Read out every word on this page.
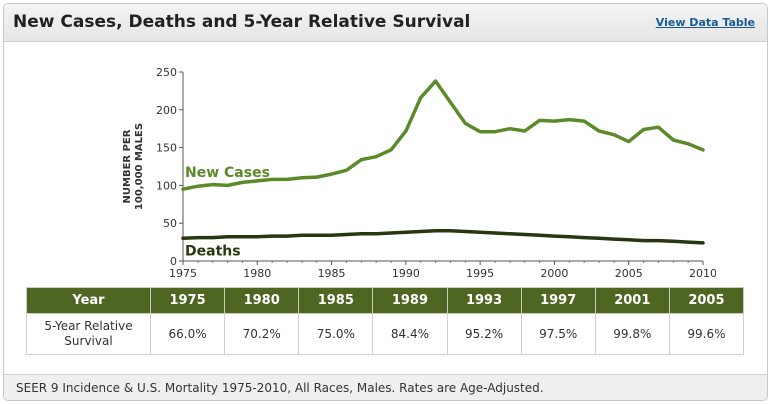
New Cases, Deaths and 5-Year Relative Survival	View Data Table
0
50
100
150
200
250
1975	1980	1985	1990	1995	2000	2005	2010
NUMBER PER100,000 MALES	New Cases
Deaths
Year	1975	1980	1985	1989	1993	1997	2001	2005
5-Year Relative Survival	66.0%	70.2%	75.0%	84.4%	95.2%	97.5%	99.8%	99.6%
SEER 9 Incidence & U.S. Mortality 1975-2010, All Races, Males. Rates are Age-Adjusted.
